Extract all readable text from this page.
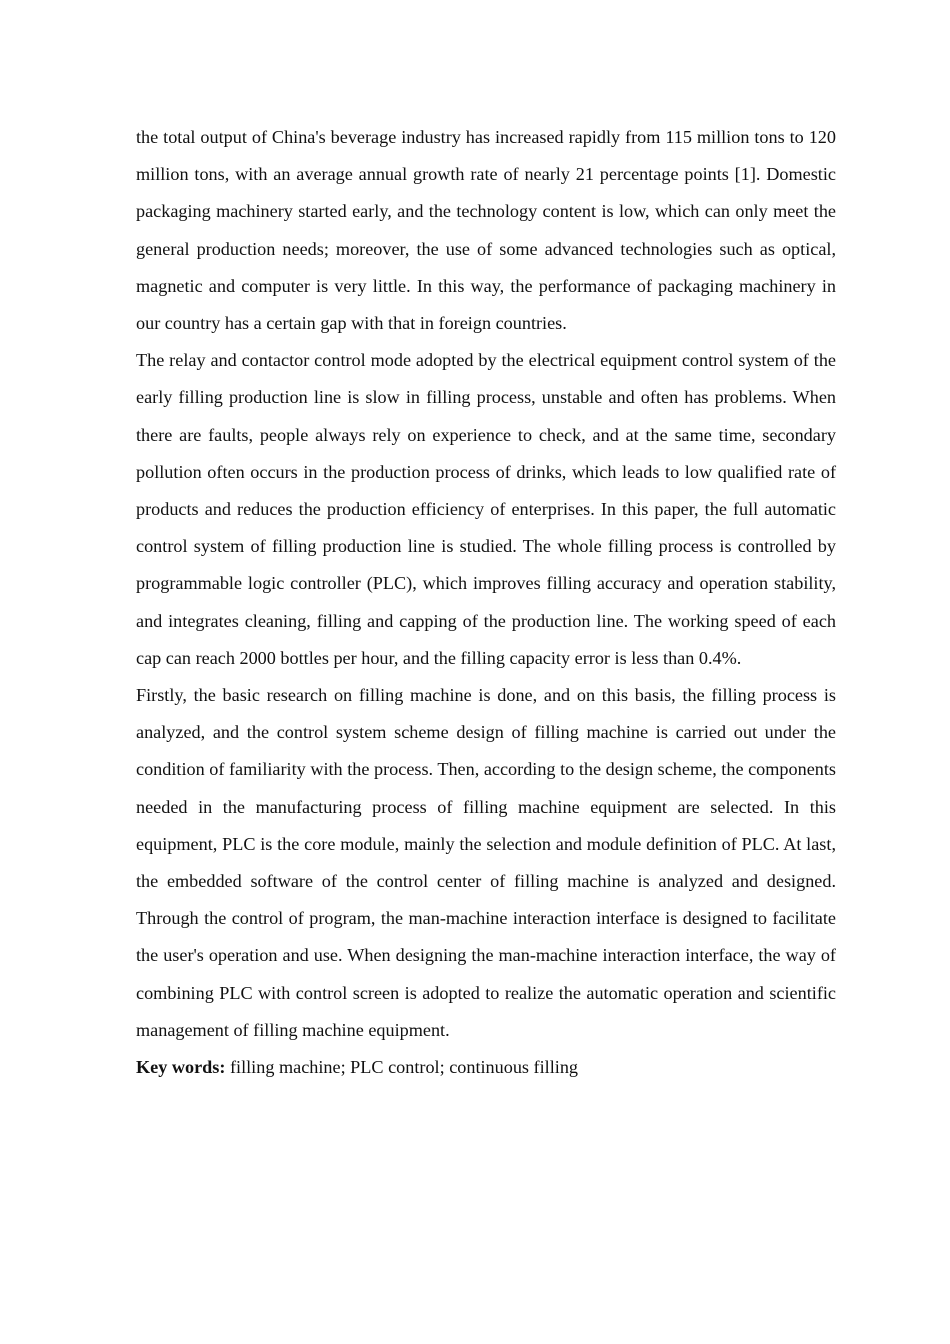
the total output of China's beverage industry has increased rapidly from 115 million tons to 120 million tons, with an average annual growth rate of nearly 21 percentage points [1]. Domestic packaging machinery started early, and the technology content is low, which can only meet the general production needs; moreover, the use of some advanced technologies such as optical, magnetic and computer is very little. In this way, the performance of packaging machinery in our country has a certain gap with that in foreign countries.

The relay and contactor control mode adopted by the electrical equipment control system of the early filling production line is slow in filling process, unstable and often has problems. When there are faults, people always rely on experience to check, and at the same time, secondary pollution often occurs in the production process of drinks, which leads to low qualified rate of products and reduces the production efficiency of enterprises. In this paper, the full automatic control system of filling production line is studied. The whole filling process is controlled by programmable logic controller (PLC), which improves filling accuracy and operation stability, and integrates cleaning, filling and capping of the production line. The working speed of each cap can reach 2000 bottles per hour, and the filling capacity error is less than 0.4%.

Firstly, the basic research on filling machine is done, and on this basis, the filling process is analyzed, and the control system scheme design of filling machine is carried out under the condition of familiarity with the process. Then, according to the design scheme, the components needed in the manufacturing process of filling machine equipment are selected. In this equipment, PLC is the core module, mainly the selection and module definition of PLC. At last, the embedded software of the control center of filling machine is analyzed and designed. Through the control of program, the man-machine interaction interface is designed to facilitate the user's operation and use. When designing the man-machine interaction interface, the way of combining PLC with control screen is adopted to realize the automatic operation and scientific management of filling machine equipment.

Key words: filling machine; PLC control; continuous filling
